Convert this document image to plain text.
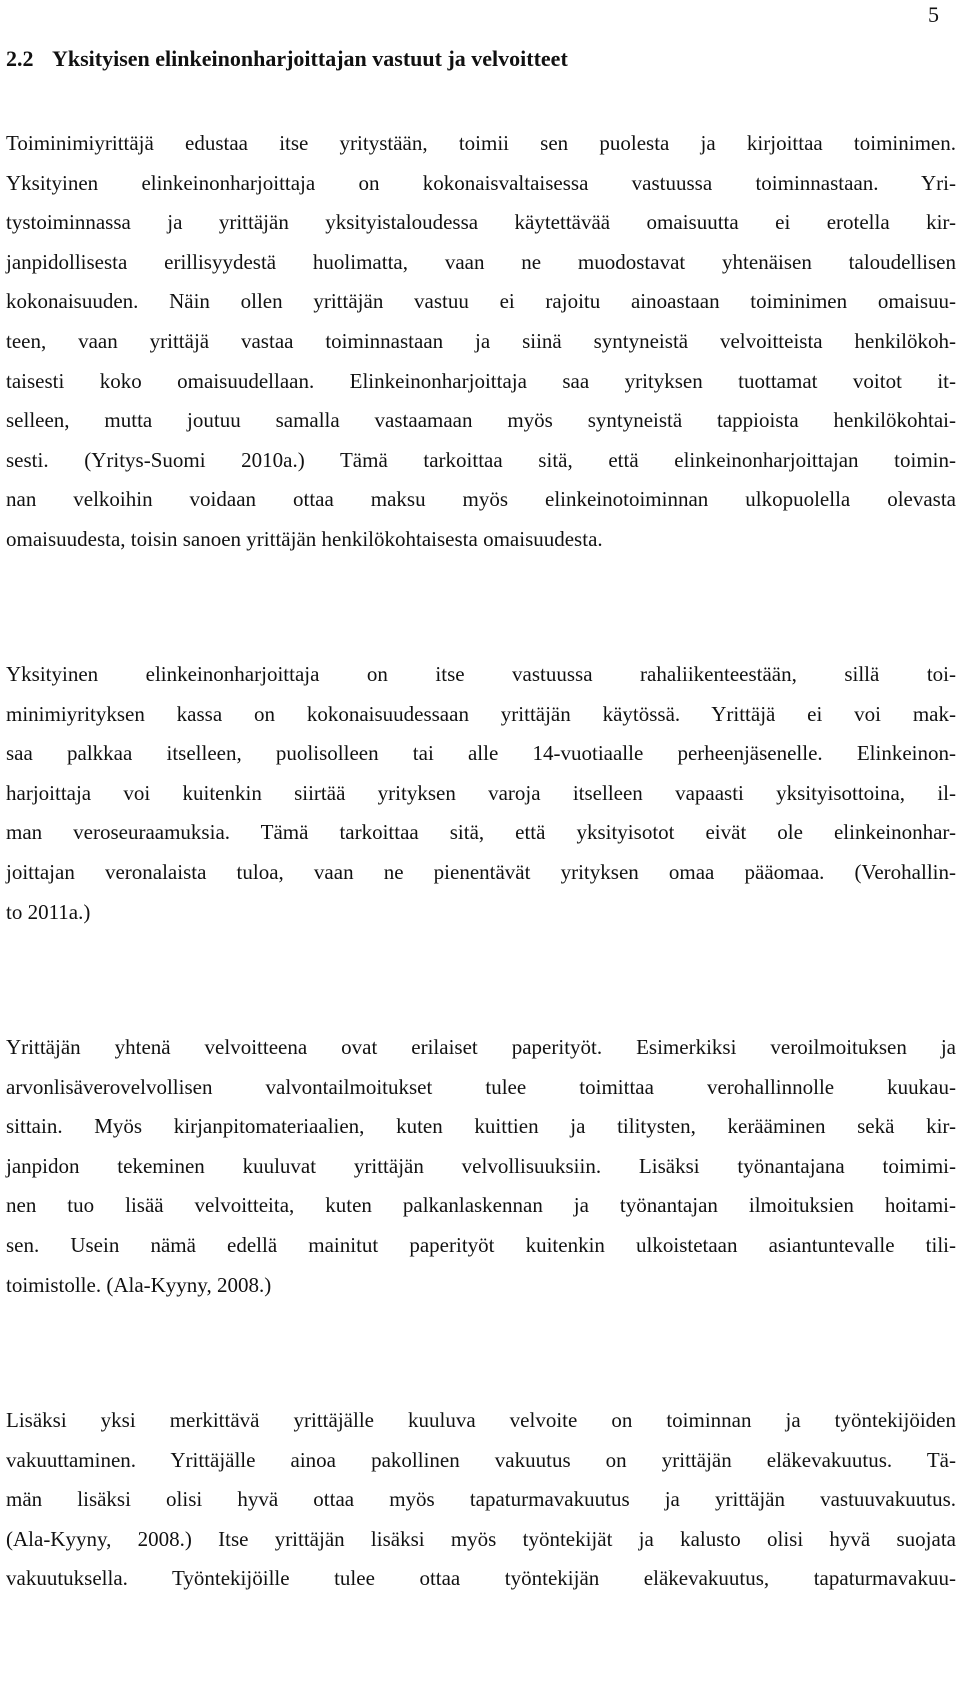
5
2.2 Yksityisen elinkeinonharjoittajan vastuut ja velvoitteet
Toiminimiyrittäjä edustaa itse yritystään, toimii sen puolesta ja kirjoittaa toiminimen.
Yksityinen elinkeinonharjoittaja on kokonaisvaltaisessa vastuussa toiminnastaan. Yri-
tystoiminnassa ja yrittäjän yksityistaloudessa käytettävää omaisuutta ei erotella kir-
janpidollisesta erillisyydestä huolimatta, vaan ne muodostavat yhtenäisen taloudellisen
kokonaisuuden. Näin ollen yrittäjän vastuu ei rajoitu ainoastaan toiminimen omaisuu-
teen, vaan yrittäjä vastaa toiminnastaan ja siinä syntyneistä velvoitteista henkilökoh-
taisesti koko omaisuudellaan. Elinkeinonharjoittaja saa yrityksen tuottamat voitot it-
selleen, mutta joutuu samalla vastaamaan myös syntyneistä tappioista henkilökohtai-
sesti. (Yritys-Suomi 2010a.) Tämä tarkoittaa sitä, että elinkeinonharjoittajan toimin-
nan velkoihin voidaan ottaa maksu myös elinkeinotoiminnan ulkopuolella olevasta
omaisuudesta, toisin sanoen yrittäjän henkilökohtaisesta omaisuudesta.
Yksityinen elinkeinonharjoittaja on itse vastuussa rahaliikenteestään, sillä toi-
minimiyrityksen kassa on kokonaisuudessaan yrittäjän käytössä. Yrittäjä ei voi mak-
saa palkkaa itselleen, puolisolleen tai alle 14-vuotiaalle perheenjäsenelle. Elinkeinon-
harjoittaja voi kuitenkin siirtää yrityksen varoja itselleen vapaasti yksityisottoina, il-
man veroseuraamuksia. Tämä tarkoittaa sitä, että yksityisotot eivät ole elinkeinonhar-
joittajan veronalaista tuloa, vaan ne pienentävät yrityksen omaa pääomaa. (Verohallin-
to 2011a.)
Yrittäjän yhtenä velvoitteena ovat erilaiset paperityöt. Esimerkiksi veroilmoituksen ja
arvonlisäverovelvollisen valvontailmoitukset tulee toimittaa verohallinnolle kuukau-
sittain. Myös kirjanpitomateriaalien, kuten kuittien ja tilitysten, kerääminen sekä kir-
janpidon tekeminen kuuluvat yrittäjän velvollisuuksiin. Lisäksi työnantajana toimimi-
nen tuo lisää velvoitteita, kuten palkanlaskennan ja työnantajan ilmoituksien hoitami-
sen. Usein nämä edellä mainitut paperityöt kuitenkin ulkoistetaan asiantuntevalle tili-
toimistolle. (Ala-Kyyny, 2008.)
Lisäksi yksi merkittävä yrittäjälle kuuluva velvoite on toiminnan ja työntekijöiden
vakuuttaminen. Yrittäjälle ainoa pakollinen vakuutus on yrittäjän eläkevakuutus. Tä-
män lisäksi olisi hyvä ottaa myös tapaturmavakuutus ja yrittäjän vastuuvakuutus.
(Ala-Kyyny, 2008.) Itse yrittäjän lisäksi myös työntekijät ja kalusto olisi hyvä suojata
vakuutuksella. Työntekijöille tulee ottaa työntekijän eläkevakuutus, tapaturmavakuu-
